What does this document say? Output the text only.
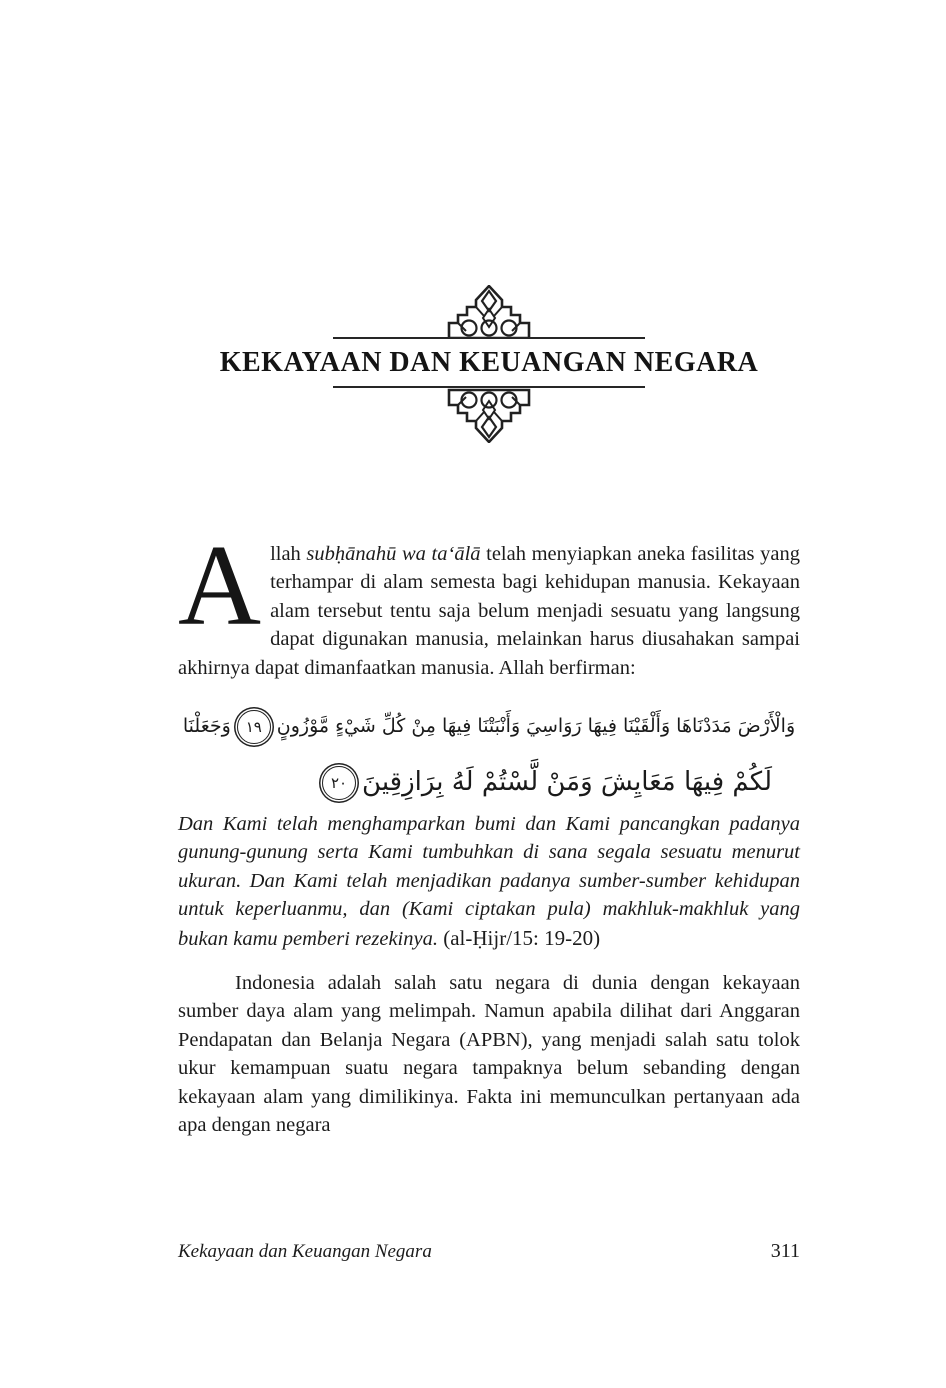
KEKAYAAN DAN KEUANGAN NEGARA

Allah subḥānahū wa ta‘ālā telah menyiapkan aneka fasilitas yang terhampar di alam semesta bagi kehidupan manusia. Kekayaan alam tersebut tentu saja belum menjadi sesuatu yang langsung dapat digunakan manusia, melainkan harus diusahakan sampai akhirnya dapat dimanfaatkan manusia. Allah berfirman:

وَالْأَرْضَ مَدَدْنَاهَا وَأَلْقَيْنَا فِيهَا رَوَاسِيَ وَأَنْبَتْنَا فِيهَا مِنْ كُلِّ شَيْءٍ مَّوْزُونٍ١٩وَجَعَلْنَا
لَكُمْ فِيهَا مَعَايِشَ وَمَنْ لَّسْتُمْ لَهُ بِرَازِقِينَ٢٠

Dan Kami telah menghamparkan bumi dan Kami pancangkan padanya gunung-gunung serta Kami tumbuhkan di sana segala sesuatu menurut ukuran. Dan Kami telah menjadikan padanya sumber-sumber kehidupan untuk keperluanmu, dan (Kami ciptakan pula) makhluk-makhluk yang bukan kamu pemberi rezekinya. (al-Ḥijr/15: 19-20)

Indonesia adalah salah satu negara di dunia dengan kekayaan sumber daya alam yang melimpah. Namun apabila dilihat dari Anggaran Pendapatan dan Belanja Negara (APBN), yang menjadi salah satu tolok ukur kemampuan suatu negara tampaknya belum sebanding dengan kekayaan alam yang dimilikinya. Fakta ini memunculkan pertanyaan ada apa dengan negara

Kekayaan dan Keuangan Negara	311
